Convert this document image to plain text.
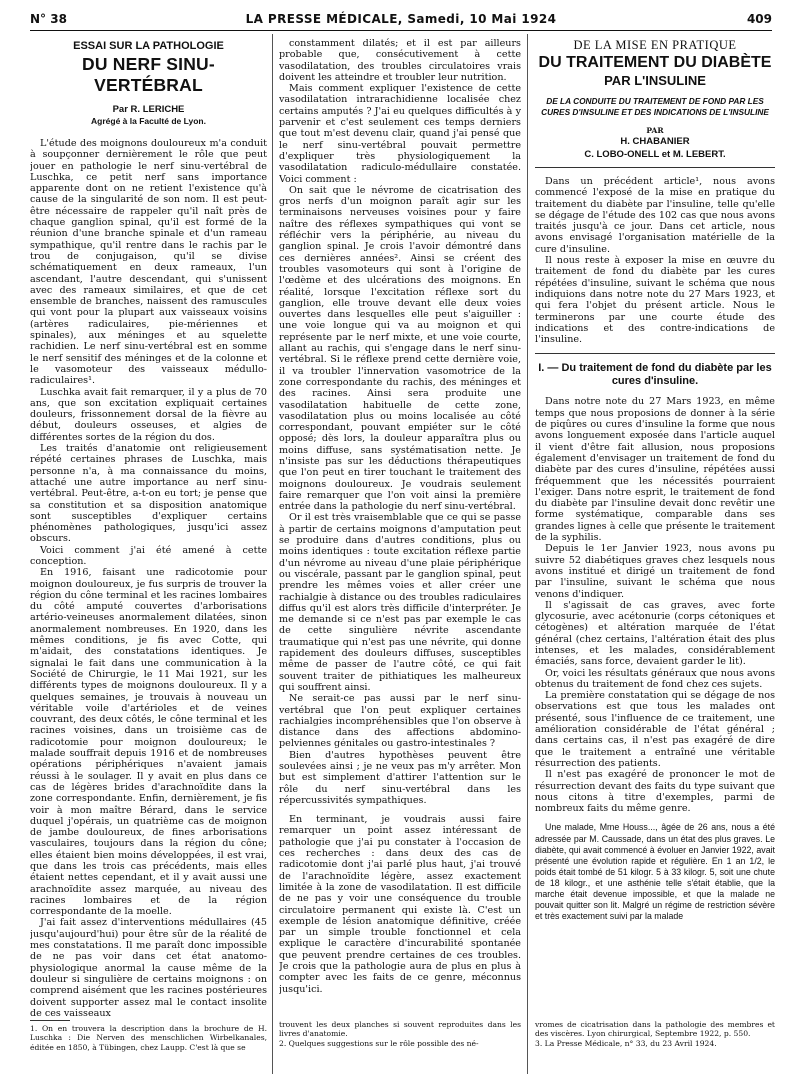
N° 38	LA PRESSE MÉDICALE, Samedi, 10 Mai 1924	409
ESSAI SUR LA PATHOLOGIE
DU NERF SINU-VERTÉBRAL
Par R. LERICHE
Agrégé à la Faculté de Lyon.

L'étude des moignons douloureux m'a conduit à soupçonner dernièrement le rôle que peut jouer en pathologie le nerf sinu-vertébral de Luschka, ce petit nerf sans importance apparente dont on ne retient l'existence qu'à cause de la singularité de son nom. Il est peut-être nécessaire de rappeler qu'il naît près de chaque ganglion spinal, qu'il est formé de la réunion d'une branche spinale et d'un rameau sympathique, qu'il rentre dans le rachis par le trou de conjugaison, qu'il se divise schématiquement en deux rameaux, l'un ascendant, l'autre descendant, qui s'unissent avec des rameaux similaires, et que de cet ensemble de branches, naissent des ramuscules qui vont pour la plupart aux vaisseaux voisins (artères radiculaires, pie-mériennes et spinales), aux méninges et au squelette rachidien. Le nerf sinu-vertébral est en somme le nerf sensitif des méninges et de la colonne et le vasomoteur des vaisseaux médullo-radiculaires¹.

Luschka avait fait remarquer, il y a plus de 70 ans, que son excitation expliquait certaines douleurs, frissonnement dorsal de la fièvre au début, douleurs osseuses, et algies de différentes sortes de la région du dos.

Les traités d'anatomie ont religieusement répété certaines phrases de Luschka, mais personne n'a, à ma connaissance du moins, attaché une autre importance au nerf sinu-vertébral. Peut-être, a-t-on eu tort; je pense que sa constitution et sa disposition anatomique sont susceptibles d'expliquer certains phénomènes pathologiques, jusqu'ici assez obscurs.

Voici comment j'ai été amené à cette conception.

En 1916, faisant une radicotomie pour moignon douloureux, je fus surpris de trouver la région du cône terminal et les racines lombaires du côté amputé couvertes d'arborisations artério-veineuses anormalement dilatées, sinon anormalement nombreuses. En 1920, dans les mêmes conditions, je fis avec Cotte, qui m'aidait, des constatations identiques. Je signalai le fait dans une communication à la Société de Chirurgie, le 11 Mai 1921, sur les différents types de moignons douloureux. Il y a quelques semaines, je trouvais à nouveau un véritable voile d'artérioles et de veines couvrant, des deux côtés, le cône terminal et les racines voisines, dans un troisième cas de radicotomie pour moignon douloureux; le malade souffrait depuis 1916 et de nombreuses opérations périphériques n'avaient jamais réussi à le soulager. Il y avait en plus dans ce cas de légères brides d'arachnoïdite dans la zone correspondante. Enfin, dernièrement, je fis voir à mon maître Bérard, dans le service duquel j'opérais, un quatrième cas de moignon de jambe douloureux, de fines arborisations vasculaires, toujours dans la région du cône; elles étaient bien moins développées, il est vrai, que dans les trois cas précédents, mais elles étaient nettes cependant, et il y avait aussi une arachnoïdite assez marquée, au niveau des racines lombaires et de la région correspondante de la moelle.

J'ai fait assez d'interventions médullaires (45 jusqu'aujourd'hui) pour être sûr de la réalité de mes constatations. Il me paraît donc impossible de ne pas voir dans cet état anatomo-physiologique anormal la cause même de la douleur si singulière de certains moignons : on comprend aisément que les racines postérieures doivent supporter assez mal le contact insolite de ces vaisseaux

constamment dilatés; et il est par ailleurs probable que, consécutivement à cette vasodilatation, des troubles circulatoires vrais doivent les atteindre et troubler leur nutrition.

Mais comment expliquer l'existence de cette vasodilatation intrarachidienne localisée chez certains amputés ? J'ai eu quelques difficultés à y parvenir et c'est seulement ces temps derniers que tout m'est devenu clair, quand j'ai pensé que le nerf sinu-vertébral pouvait permettre d'expliquer très physiologiquement la vasodilatation radiculo-médullaire constatée. Voici comment :

On sait que le névrome de cicatrisation des gros nerfs d'un moignon paraît agir sur les terminaisons nerveuses voisines pour y faire naître des réflexes sympathiques qui vont se réfléchir vers la périphérie, au niveau du ganglion spinal. Je crois l'avoir démontré dans ces dernières années². Ainsi se créent des troubles vasomoteurs qui sont à l'origine de l'œdème et des ulcérations des moignons. En réalité, lorsque l'excitation réflexe sort du ganglion, elle trouve devant elle deux voies ouvertes dans lesquelles elle peut s'aiguiller : une voie longue qui va au moignon et qui représente par le nerf mixte, et une voie courte, allant au rachis, qui s'engage dans le nerf sinu-vertébral. Si le réflexe prend cette dernière voie, il va troubler l'innervation vasomotrice de la zone correspondante du rachis, des méninges et des racines. Ainsi sera produite une vasodilatation habituelle de cette zone, vasodilatation plus ou moins localisée au côté correspondant, pouvant empiéter sur le côté opposé; dès lors, la douleur apparaîtra plus ou moins diffuse, sans systématisation nette. Je n'insiste pas sur les déductions thérapeutiques que l'on peut en tirer touchant le traitement des moignons douloureux. Je voudrais seulement faire remarquer que l'on voit ainsi la première entrée dans la pathologie du nerf sinu-vertébral.

Or il est très vraisemblable que ce qui se passe à partir de certains moignons d'amputation peut se produire dans d'autres conditions, plus ou moins identiques : toute excitation réflexe partie d'un névrome au niveau d'une plaie périphérique ou viscérale, passant par le ganglion spinal, peut prendre les mêmes voies et aller créer une rachialgie à distance ou des troubles radiculaires diffus qu'il est alors très difficile d'interpréter. Je me demande si ce n'est pas par exemple le cas de cette singulière névrite ascendante traumatique qui n'est pas une névrite, qui donne rapidement des douleurs diffuses, susceptibles même de passer de l'autre côté, ce qui fait souvent traiter de pithiatiques les malheureux qui souffrent ainsi.

Ne serait-ce pas aussi par le nerf sinu-vertébral que l'on peut expliquer certaines rachialgies incompréhensibles que l'on observe à distance dans des affections abdomino-pelviennes génitales ou gastro-intestinales ?

Bien d'autres hypothèses peuvent être soulevées ainsi ; je ne veux pas m'y arrêter. Mon but est simplement d'attirer l'attention sur le rôle du nerf sinu-vertébral dans les répercussivités sympathiques.

En terminant, je voudrais aussi faire remarquer un point assez intéressant de pathologie que j'ai pu constater à l'occasion de ces recherches : dans deux des cas de radicotomie dont j'ai parlé plus haut, j'ai trouvé de l'arachnoïdite légère, assez exactement limitée à la zone de vasodilatation. Il est difficile de ne pas y voir une conséquence du trouble circulatoire permanent qui existe là. C'est un exemple de lésion anatomique définitive, créée par un simple trouble fonctionnel et cela explique le caractère d'incurabilité spontanée que peuvent prendre certaines de ces troubles. Je crois que la pathologie aura de plus en plus à compter avec les faits de ce genre, méconnus jusqu'ici.

DE LA MISE EN PRATIQUE
DU TRAITEMENT DU DIABÈTE
PAR L'INSULINE
DE LA CONDUITE DU TRAITEMENT DE FOND PAR LES CURES D'INSULINE ET DES INDICATIONS DE L'INSULINE
PAR
H. CHABANIER
C. LOBO-ONELL et M. LEBERT.

Dans un précédent article¹, nous avons commencé l'exposé de la mise en pratique du traitement du diabète par l'insuline, telle qu'elle se dégage de l'étude des 102 cas que nous avons traités jusqu'à ce jour. Dans cet article, nous avons envisagé l'organisation matérielle de la cure d'insuline.

Il nous reste à exposer la mise en œuvre du traitement de fond du diabète par les cures répétées d'insuline, suivant le schéma que nous indiquions dans notre note du 27 Mars 1923, et qui fera l'objet du présent article. Nous le terminerons par une courte étude des indications et des contre-indications de l'insuline.

I. — Du traitement de fond du diabète par les cures d'insuline.

Dans notre note du 27 Mars 1923, en même temps que nous proposions de donner à la série de piqûres ou cures d'insuline la forme que nous avons longuement exposée dans l'article auquel il vient d'être fait allusion, nous proposions également d'envisager un traitement de fond du diabète par des cures d'insuline, répétées aussi fréquemment que les nécessités pourraient l'exiger. Dans notre esprit, le traitement de fond du diabète par l'insuline devait donc revêtir une forme systématique, comparable dans ses grandes lignes à celle que présente le traitement de la syphilis.

Depuis le 1er Janvier 1923, nous avons pu suivre 52 diabétiques graves chez lesquels nous avons institué et dirigé un traitement de fond par l'insuline, suivant le schéma que nous venons d'indiquer.

Il s'agissait de cas graves, avec forte glycosurie, avec acétonurie (corps cétoniques et cétogènes) et altération marquée de l'état général (chez certains, l'altération était des plus intenses, et les malades, considérablement émaciés, sans force, devaient garder le lit).

Or, voici les résultats généraux que nous avons obtenus du traitement de fond chez ces sujets.

La première constatation qui se dégage de nos observations est que tous les malades ont présenté, sous l'influence de ce traitement, une amélioration considérable de l'état général ; dans certains cas, il n'est pas exagéré de dire que le traitement a entraîné une véritable résurrection des patients.

Il n'est pas exagéré de prononcer le mot de résurrection devant des faits du type suivant que nous citons à titre d'exemples, parmi de nombreux faits du même genre.

Une malade, Mme Houss..., âgée de 26 ans, nous a été adressée par M. Caussade, dans un état des plus graves. Le diabète, qui avait commencé à évoluer en Janvier 1922, avait présenté une évolution rapide et régulière. En 1 an 1/2, le poids était tombé de 51 kilogr. 5 à 33 kilogr. 5, soit une chute de 18 kilogr., et une asthénie telle s'était établie, que la marche était devenue impossible, et que la malade ne pouvait quitter son lit. Malgré un régime de restriction sévère et très exactement suivi par la malade

1. On en trouvera la description dans la brochure de H. Luschka : Die Nerven des menschlichen Wirbelkanales, éditée en 1850, à Tübingen, chez Laupp. C'est là que se

trouvent les deux planches si souvent reproduites dans les livres d'anatomie.
2. Quelques suggestions sur le rôle possible des né-

vromes de cicatrisation dans la pathologie des membres et des viscères. Lyon chirurgical, Septembre 1922, p. 550.
3. La Presse Médicale, n° 33, du 23 Avril 1924.
